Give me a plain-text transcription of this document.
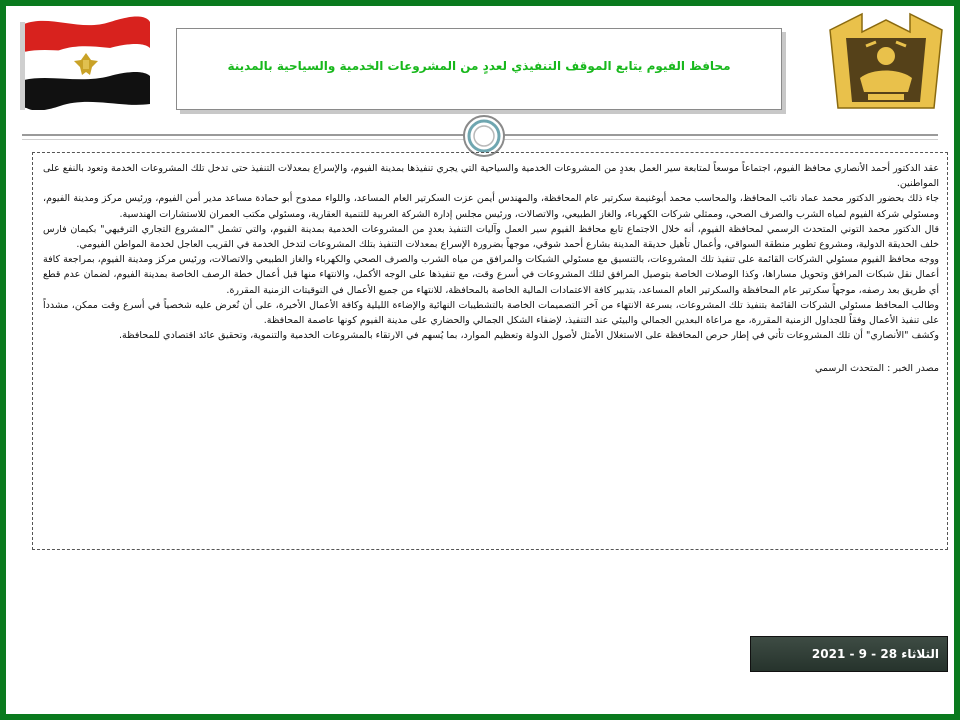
محافظ الفيوم يتابع الموقف التنفيذي لعددٍ من المشروعات الخدمية والسياحية بالمدينة

عقد الدكتور أحمد الأنصاري محافظ الفيوم، اجتماعاً موسعاً لمتابعة سير العمل بعددٍ من المشروعات الخدمية والسياحية التي يجري تنفيذها بمدينة الفيوم، والإسراع بمعدلات التنفيذ حتى تدخل تلك المشروعات الخدمة وتعود بالنفع على المواطنين.

جاء ذلك بحضور الدكتور محمد عماد نائب المحافظ، والمحاسب محمد أبوغنيمة سكرتير عام المحافظة، والمهندس أيمن عزت السكرتير العام المساعد، واللواء ممدوح أبو حمادة مساعد مدير أمن الفيوم، ورئيس مركز ومدينة الفيوم، ومسئولي شركة الفيوم لمياه الشرب والصرف الصحي، وممثلي شركات الكهرباء، والغاز الطبيعي، والاتصالات، ورئيس مجلس إدارة الشركة العربية للتنمية العقارية، ومسئولي مكتب العمران للاستشارات الهندسية.

قال الدكتور محمد التوني المتحدث الرسمي لمحافظة الفيوم، أنه خلال الاجتماع تابع محافظ الفيوم سير العمل وآليات التنفيذ بعددٍ من المشروعات الخدمية بمدينة الفيوم، والتي تشمل "المشروع التجاري الترفيهي" بكيمان فارس خلف الحديقة الدولية، ومشروع تطوير منطقة السواقي، وأعمال تأهيل حديقة المدينة بشارع أحمد شوقي، موجهاً بضرورة الإسراع بمعدلات التنفيذ بتلك المشروعات لتدخل الخدمة في القريب العاجل لخدمة المواطن الفيومي.

ووجه محافظ الفيوم مسئولي الشركات القائمة على تنفيذ تلك المشروعات، بالتنسيق مع مسئولي الشبكات والمرافق من مياه الشرب والصرف الصحي والكهرباء والغاز الطبيعي والاتصالات، ورئيس مركز ومدينة الفيوم، بمراجعة كافة أعمال نقل شبكات المرافق وتحويل مساراها، وكذا الوصلات الخاصة بتوصيل المرافق لتلك المشروعات في أسرع وقت، مع تنفيذها على الوجه الأكمل، والانتهاء منها قبل أعمال خطة الرصف الخاصة بمدينة الفيوم، لضمان عدم قطع أي طريق بعد رصفه، موجهاً سكرتير عام المحافظة والسكرتير العام المساعد، بتدبير كافة الاعتمادات المالية الخاصة بالمحافظة، للانتهاء من جميع الأعمال في التوقيتات الزمنية المقررة.

وطالب المحافظ مسئولي الشركات القائمة بتنفيذ تلك المشروعات، بسرعة الانتهاء من آخر التصميمات الخاصة بالتشطيبات النهائية والإضاءة الليلية وكافة الأعمال الأخيرة، على أن تُعرض عليه شخصياً في أسرع وقت ممكن، مشدداً على تنفيذ الأعمال وفقاً للجداول الزمنية المقررة، مع مراعاة البعدين الجمالي والبيئي عند التنفيذ، لإضفاء الشكل الجمالي والحضاري على مدينة الفيوم كونها عاصمة المحافظة.

وكشف "الأنصاري" أن تلك المشروعات تأتي في إطار حرص المحافظة على الاستغلال الأمثل لأصول الدولة وتعظيم الموارد، بما يُسهم في الارتقاء بالمشروعات الخدمية والتنموية، وتحقيق عائد اقتصادي للمحافظة.

مصدر الخبر : المتحدث الرسمي

الثلاثاء 28 - 9 - 2021
